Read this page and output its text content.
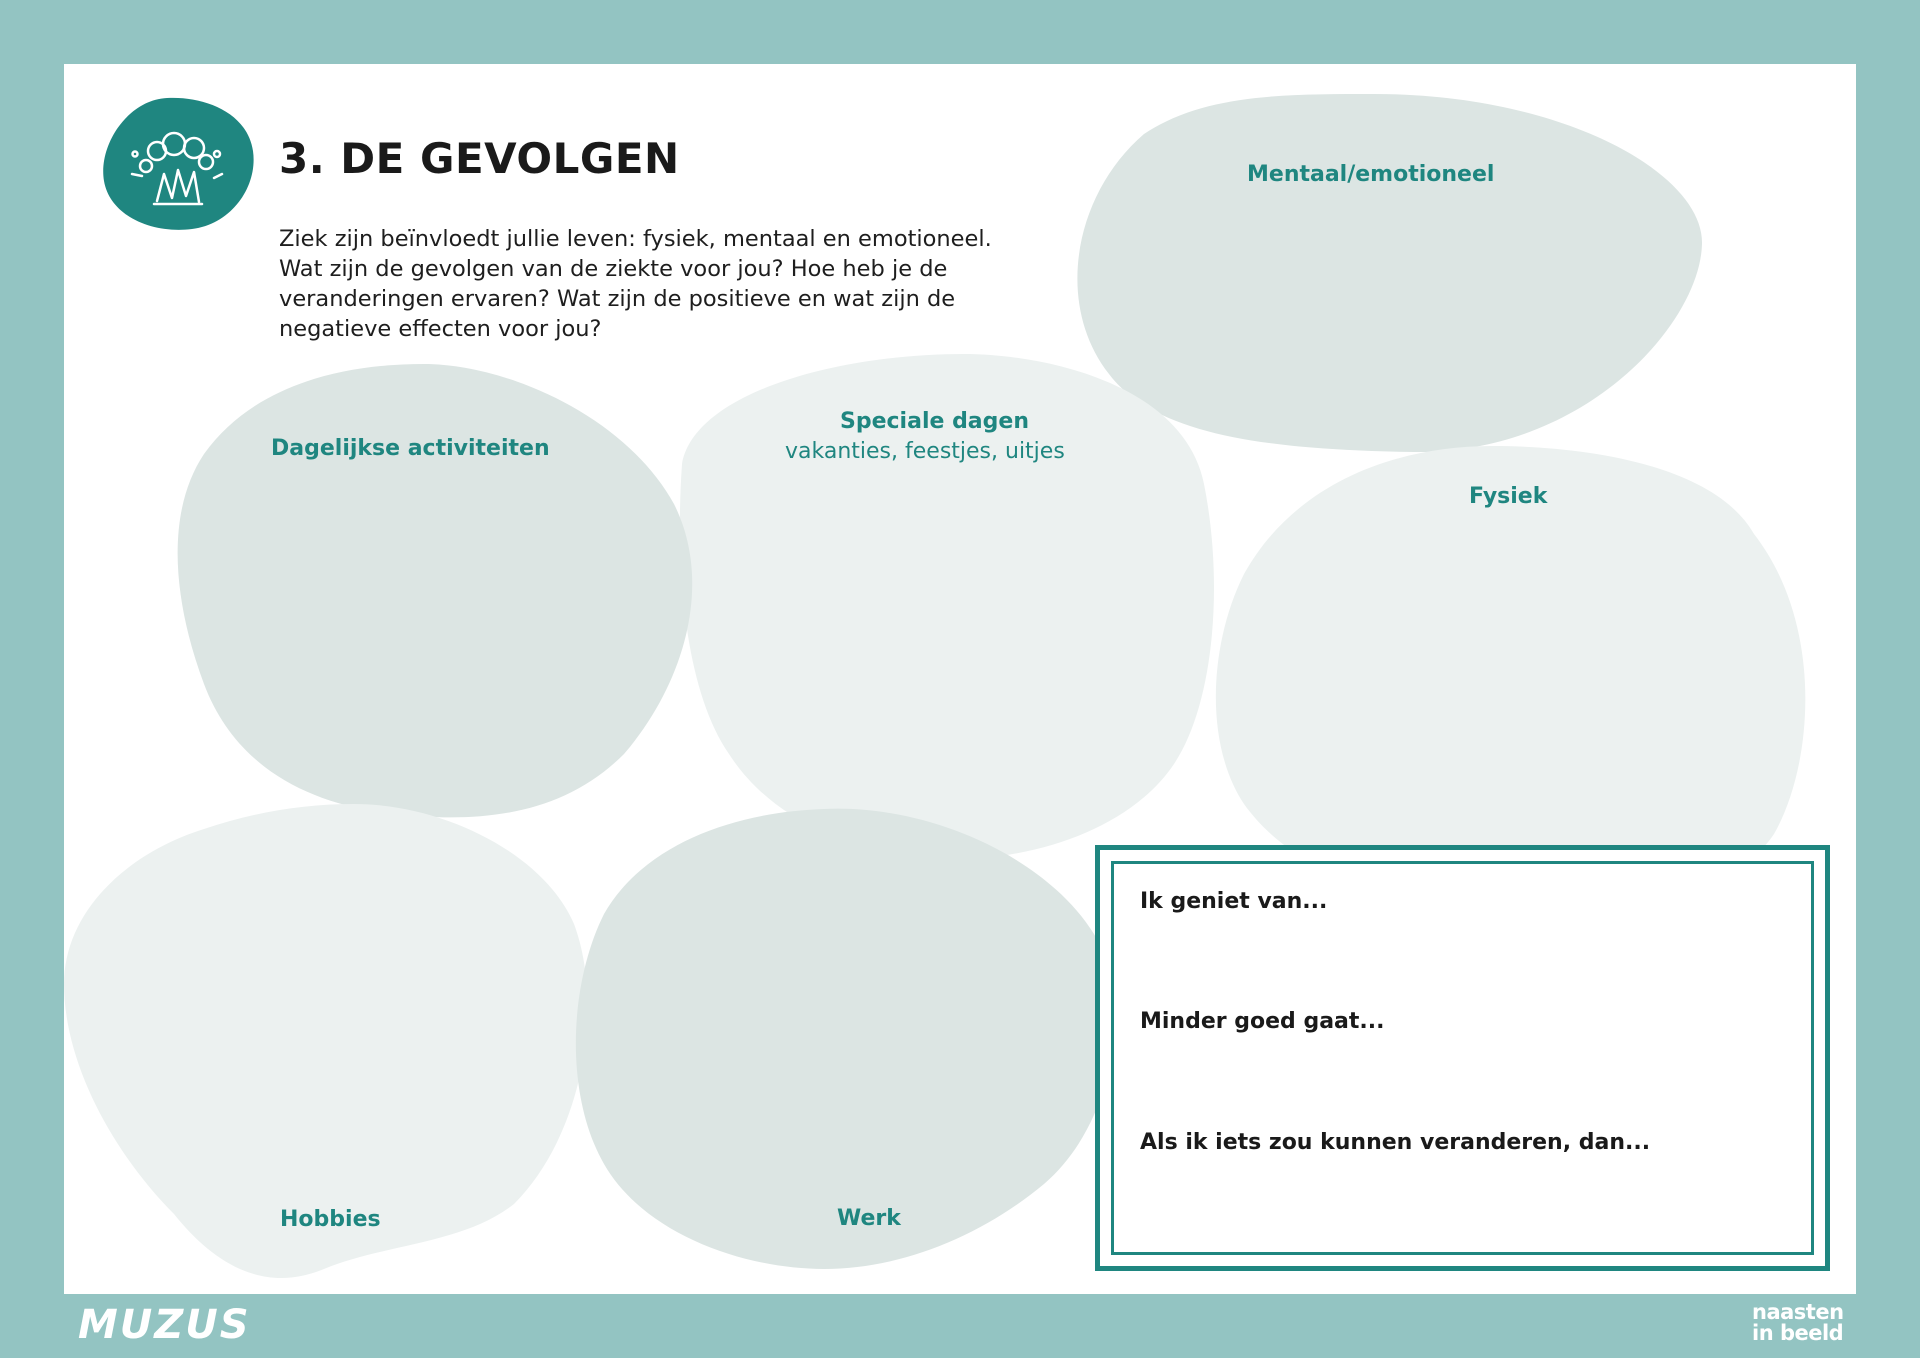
3. DE GEVOLGEN

Ziek zijn beïnvloedt jullie leven: fysiek, mentaal en emotioneel. Wat zijn de gevolgen van de ziekte voor jou? Hoe heb je de veranderingen ervaren? Wat zijn de positieve en wat zijn de negatieve effecten voor jou?

Dagelijkse activiteiten
Speciale dagen
vakanties, feestjes, uitjes
Mentaal/emotioneel
Fysiek
Hobbies	Werk
Ik geniet van...
Minder goed gaat...
Als ik iets zou kunnen veranderen, dan...
MUZUS	naasten
in beeld
